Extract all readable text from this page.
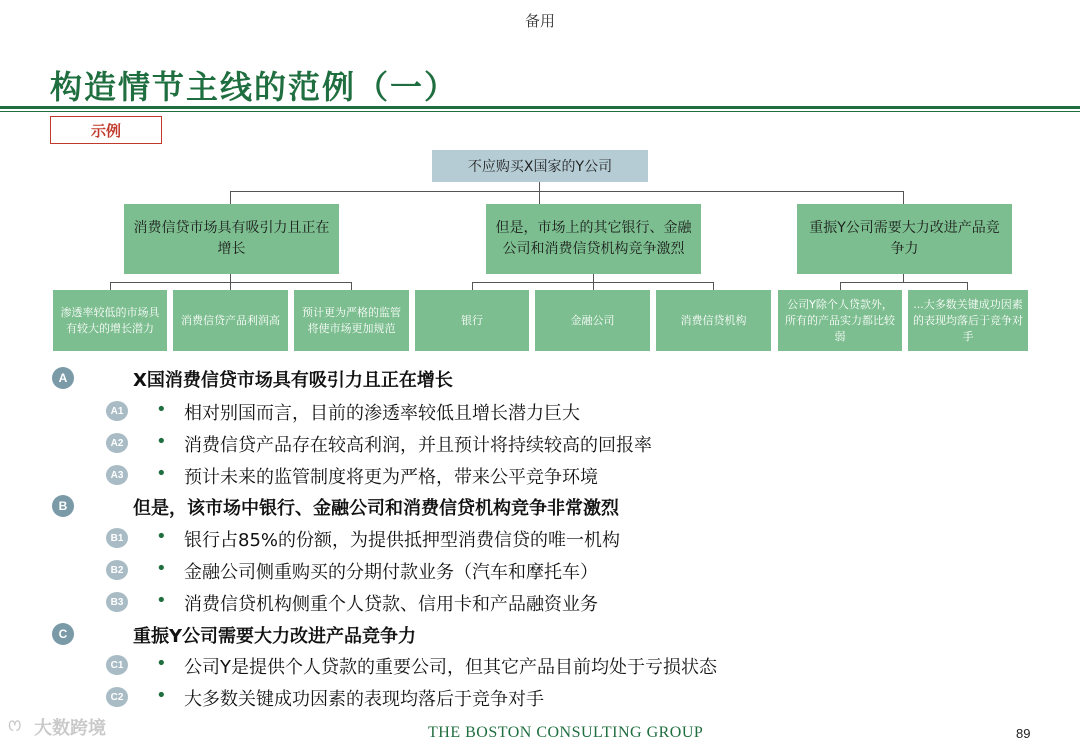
备用
构造情节主线的范例（一）
示例
不应购买X国家的Y公司
消费信贷市场具有吸引力且正在增长
但是，市场上的其它银行、金融公司和消费信贷机构竞争激烈
重振Y公司需要大力改进产品竞争力
渗透率较低的市场具有较大的增长潜力
消费信贷产品利润高
预计更为严格的监管将使市场更加规范
银行	金融公司	消费信贷机构
公司Y除个人贷款外，所有的产品实力都比较弱
...大多数关键成功因素的表现均落后于竞争对手
A	X国消费信贷市场具有吸引力且正在增长
A1 • 相对别国而言，目前的渗透率较低且增长潜力巨大
A2 • 消费信贷产品存在较高利润，并且预计将持续较高的回报率
A3 • 预计未来的监管制度将更为严格，带来公平竞争环境
B	但是，该市场中银行、金融公司和消费信贷机构竞争非常激烈
B1 • 银行占85%的份额，为提供抵押型消费信贷的唯一机构
B2 • 金融公司侧重购买的分期付款业务（汽车和摩托车）
B3 • 消费信贷机构侧重个人贷款、信用卡和产品融资业务
C	重振Y公司需要大力改进产品竞争力
C1 • 公司Y是提供个人贷款的重要公司，但其它产品目前均处于亏损状态
C2 • 大多数关键成功因素的表现均落后于竞争对手
ꯁ 大数跨境	THE BOSTON CONSULTING GROUP	89
